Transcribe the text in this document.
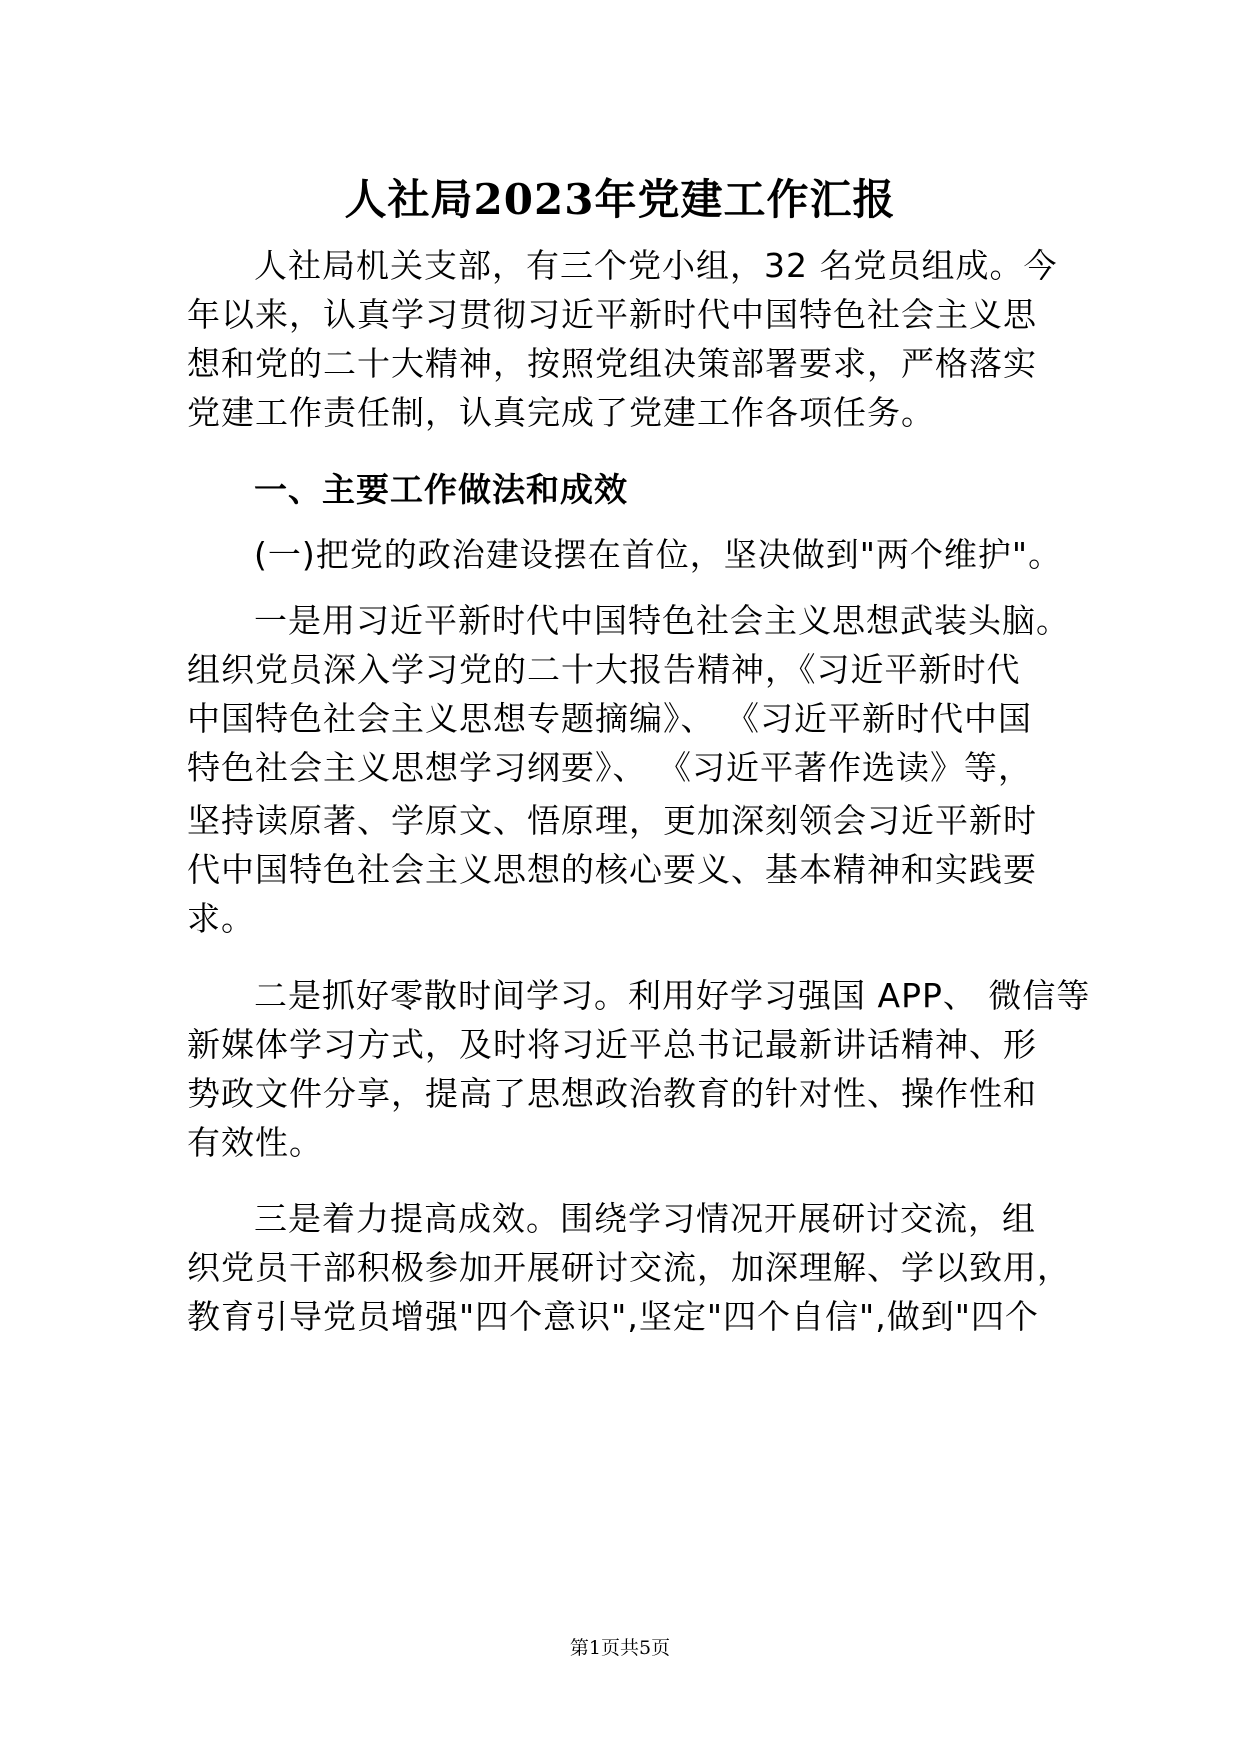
人社局2023年党建工作汇报
人社局机关支部，有三个党小组，32 名党员组成。今
年以来，认真学习贯彻习近平新时代中国特色社会主义思
想和党的二十大精神，按照党组决策部署要求，严格落实
党建工作责任制，认真完成了党建工作各项任务。
一、主要工作做法和成效
(一)把党的政治建设摆在首位，坚决做到"两个维护"。
一是用习近平新时代中国特色社会主义思想武装头脑。
组织党员深入学习党的二十大报告精神，《习近平新时代
中国特色社会主义思想专题摘编》、 《习近平新时代中国
特色社会主义思想学习纲要》、 《习近平著作选读》等，
坚持读原著、学原文、悟原理，更加深刻领会习近平新时
代中国特色社会主义思想的核心要义、基本精神和实践要
求。
二是抓好零散时间学习。利用好学习强国 APP、 微信等
新媒体学习方式，及时将习近平总书记最新讲话精神、形
势政文件分享，提高了思想政治教育的针对性、操作性和
有效性。
三是着力提高成效。围绕学习情况开展研讨交流，组
织党员干部积极参加开展研讨交流，加深理解、学以致用，
教育引导党员增强"四个意识",坚定"四个自信",做到"四个
第1页共5页
